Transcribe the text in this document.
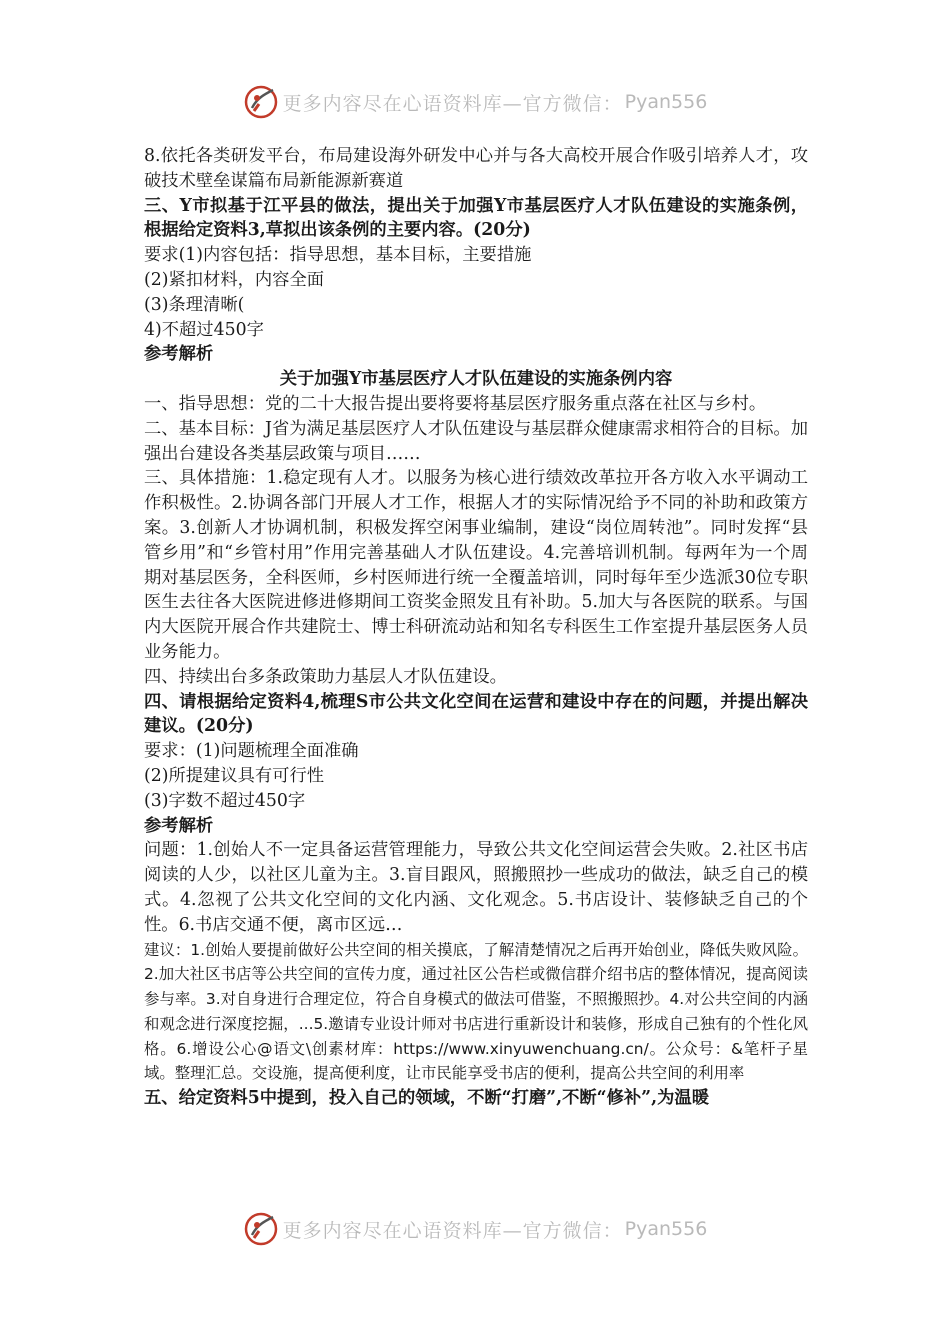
更多内容尽在心语资料库—官方微信： Pyan556

8.依托各类研发平台，布局建设海外研发中心并与各大高校开展合作吸引培养人才，攻破技术壁垒谋篇布局新能源新赛道

三、Y市拟基于江平县的做法，提出关于加强Y市基层医疗人才队伍建设的实施条例，根据给定资料3,草拟出该条例的主要内容。(20分)

要求(1)内容包括：指导思想，基本目标，主要措施

(2)紧扣材料，内容全面

(3)条理清晰(

4)不超过450字

参考解析

关于加强Y市基层医疗人才队伍建设的实施条例内容

一、指导思想：党的二十大报告提出要将要将基层医疗服务重点落在社区与乡村。

二、基本目标：J省为满足基层医疗人才队伍建设与基层群众健康需求相符合的目标。加强出台建设各类基层政策与项目……

三、具体措施：1.稳定现有人才。以服务为核心进行绩效改革拉开各方收入水平调动工作积极性。2.协调各部门开展人才工作，根据人才的实际情况给予不同的补助和政策方案。3.创新人才协调机制，积极发挥空闲事业编制，建设“岗位周转池”。同时发挥“县管乡用”和“乡管村用”作用完善基础人才队伍建设。4.完善培训机制。每两年为一个周期对基层医务，全科医师，乡村医师进行统一全覆盖培训，同时每年至少选派30位专职医生去往各大医院进修进修期间工资奖金照发且有补助。5.加大与各医院的联系。与国内大医院开展合作共建院士、博士科研流动站和知名专科医生工作室提升基层医务人员业务能力。

四、持续出台多条政策助力基层人才队伍建设。

四、请根据给定资料4,梳理S市公共文化空间在运营和建设中存在的问题，并提出解决建议。(20分)

要求：(1)问题梳理全面准确

(2)所提建议具有可行性

(3)字数不超过450字

参考解析

问题：1.创始人不一定具备运营管理能力，导致公共文化空间运营会失败。2.社区书店阅读的人少，以社区儿童为主。3.盲目跟风，照搬照抄一些成功的做法，缺乏自己的模式。4.忽视了公共文化空间的文化内涵、文化观念。5.书店设计、装修缺乏自己的个性。6.书店交通不便，离市区远…

建议：1.创始人要提前做好公共空间的相关摸底，了解清楚情况之后再开始创业，降低失败风险。2.加大社区书店等公共空间的宣传力度，通过社区公告栏或微信群介绍书店的整体情况，提高阅读参与率。3.对自身进行合理定位，符合自身模式的做法可借鉴，不照搬照抄。4.对公共空间的内涵和观念进行深度挖掘，...5.邀请专业设计师对书店进行重新设计和装修，形成自己独有的个性化风格。6.增设公心@语文\创素材库：https://www.xinyuwenchuang.cn/。公众号：&笔杆子星域。整理汇总。交设施，提高便利度，让市民能享受书店的便利，提高公共空间的利用率

五、给定资料5中提到，投入自己的领域，不断“打磨”,不断“修补”,为温暖

更多内容尽在心语资料库—官方微信： Pyan556
